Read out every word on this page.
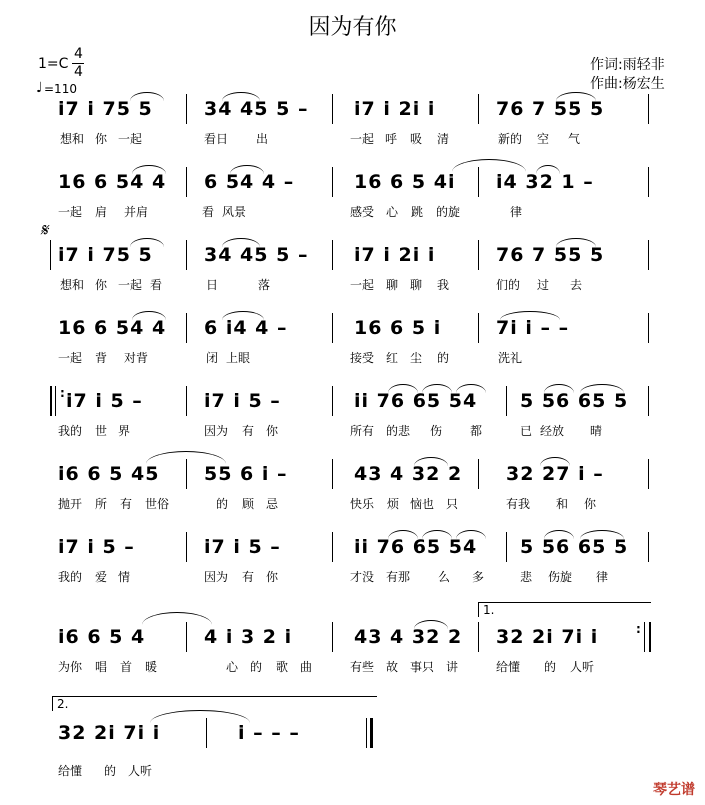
因为有你
1=C
4
4
♩ =110
作词:雨轻非
作曲:杨宏生
i7 i 75 5	34 45 5 – i7 i 2i i	76 7 55 5
想和 你 一起	看日 出	一起 呼 吸 清	新的 空 气
16 6 54 4 6 54 4 –	16 6 5 4i i4 32 1 –
一起 肩 并肩	看 风景	感受 心 跳 的旋	律
𝄋
i7 i 75 5	34 45 5 – i7 i 2i i	76 7 55 5
想和 你 一起 看	日	落	一起 聊 聊 我	们的 过 去
16 6 54 4 6 i4 4 –	16 6 5 i	7i i – –
一起 背 对背	闭 上眼	接受 红 尘 的	洗礼
: i7 i 5 –	i7 i 5 –	ii 76 65 54 5 56 65 5
我的 世 界	因为 有 你	所有 的悲 伤 都	已 经放 晴
i6 6 5 45 55 6 i –	43 4 32 2 32 27 i –
抛开 所 有 世俗	的 顾 忌	快乐 烦 恼也 只	有我 和 你
i7 i 5 –	i7 i 5 –	ii 76 65 54 5 56 65 5
我的 爱 情	因为 有 你	才没 有那 么 多	悲 伤旋 律
1.
i6 6 5 4	4 i 3 2 i	43 4 32 2 32 2i 7i i	:
为你 唱 首 暖	心 的 歌 曲	有些 故 事只 讲	给懂 的 人听
2.
32 2i 7i i	i – – –
给懂 的 人听
琴艺谱
